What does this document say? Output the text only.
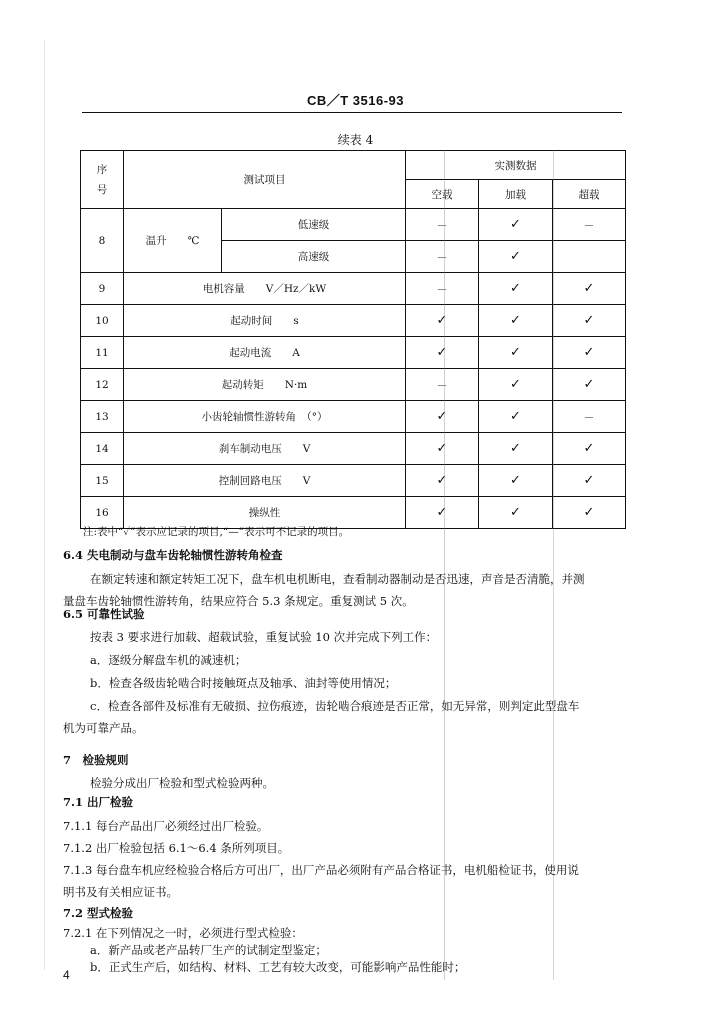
CB／T 3516-93
续表 4
序
号	测试项目		实测数据		
			空载	加载	超载
8	温升　　℃	低速级	－	✓	－
		高速级	－	✓	
9	电机容量　　V／Hz／kW		－	✓	✓
10	起动时间　　s		✓	✓	✓
11	起动电流　　A		✓	✓	✓
12	起动转矩　　N·m		－	✓	✓
13	小齿轮轴惯性游转角　（°）		✓	✓	－
14	刹车制动电压　　V		✓	✓	✓
15	控制回路电压　　V		✓	✓	✓
16	操纵性		✓	✓	✓
注:表中“✓”表示应记录的项目,“—”表示可不记录的项目。
6.4 失电制动与盘车齿轮轴惯性游转角检查
在额定转速和额定转矩工况下，盘车机电机断电，查看制动器制动是否迅速，声音是否清脆，并测
量盘车齿轮轴惯性游转角，结果应符合 5.3 条规定。重复测试 5 次。
6.5 可靠性试验
按表 3 要求进行加载、超载试验，重复试验 10 次并完成下列工作：
a．逐级分解盘车机的减速机；
b．检查各级齿轮啮合时接触斑点及轴承、油封等使用情况；
c．检查各部件及标准有无破损、拉伤痕迹，齿轮啮合痕迹是否正常，如无异常，则判定此型盘车
机为可靠产品。
7　检验规则
检验分成出厂检验和型式检验两种。
7.1 出厂检验
7.1.1 每台产品出厂必须经过出厂检验。
7.1.2 出厂检验包括 6.1～6.4 条所列项目。
7.1.3 每台盘车机应经检验合格后方可出厂，出厂产品必须附有产品合格证书，电机船检证书，使用说
明书及有关相应证书。
7.2 型式检验
7.2.1 在下列情况之一时，必须进行型式检验：
a．新产品或老产品转厂生产的试制定型鉴定；
b．正式生产后，如结构、材料、工艺有较大改变，可能影响产品性能时；
4
